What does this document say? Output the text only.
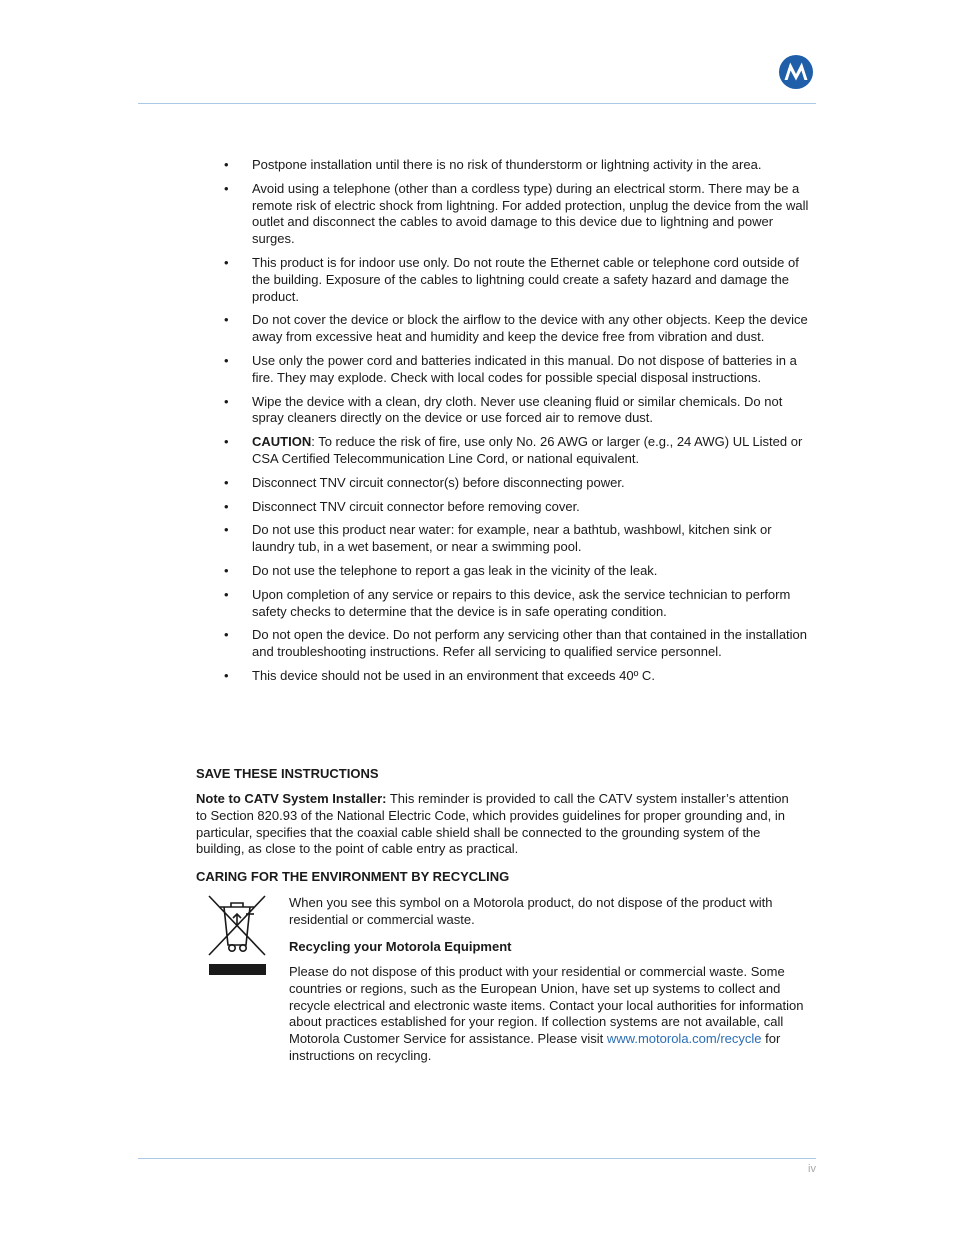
• Postpone installation until there is no risk of thunderstorm or lightning activity in the area.
• Avoid using a telephone (other than a cordless type) during an electrical storm. There may be a remote risk of electric shock from lightning. For added protection, unplug the device from the wall outlet and disconnect the cables to avoid damage to this device due to lightning and power surges.
• This product is for indoor use only. Do not route the Ethernet cable or telephone cord outside of the building. Exposure of the cables to lightning could create a safety hazard and damage the product.
• Do not cover the device or block the airflow to the device with any other objects. Keep the device away from excessive heat and humidity and keep the device free from vibration and dust.
• Use only the power cord and batteries indicated in this manual. Do not dispose of batteries in a fire. They may explode. Check with local codes for possible special disposal instructions.
• Wipe the device with a clean, dry cloth. Never use cleaning fluid or similar chemicals. Do not spray cleaners directly on the device or use forced air to remove dust.
• CAUTION: To reduce the risk of fire, use only No. 26 AWG or larger (e.g., 24 AWG) UL Listed or CSA Certified Telecommunication Line Cord, or national equivalent.
• Disconnect TNV circuit connector(s) before disconnecting power.
• Disconnect TNV circuit connector before removing cover.
• Do not use this product near water: for example, near a bathtub, washbowl, kitchen sink or laundry tub, in a wet basement, or near a swimming pool.
• Do not use the telephone to report a gas leak in the vicinity of the leak.
• Upon completion of any service or repairs to this device, ask the service technician to perform safety checks to determine that the device is in safe operating condition.
• Do not open the device. Do not perform any servicing other than that contained in the installation and troubleshooting instructions. Refer all servicing to qualified service personnel.
• This device should not be used in an environment that exceeds 40º C.
SAVE THESE INSTRUCTIONS
Note to CATV System Installer: This reminder is provided to call the CATV system installer’s attention to Section 820.93 of the National Electric Code, which provides guidelines for proper grounding and, in particular, specifies that the coaxial cable shield shall be connected to the grounding system of the building, as close to the point of cable entry as practical.
CARING FOR THE ENVIRONMENT BY RECYCLING
When you see this symbol on a Motorola product, do not dispose of the product with residential or commercial waste.
Recycling your Motorola Equipment
Please do not dispose of this product with your residential or commercial waste. Some countries or regions, such as the European Union, have set up systems to collect and recycle electrical and electronic waste items. Contact your local authorities for information about practices established for your region. If collection systems are not available, call Motorola Customer Service for assistance. Please visit www.motorola.com/recycle for instructions on recycling.
iv
